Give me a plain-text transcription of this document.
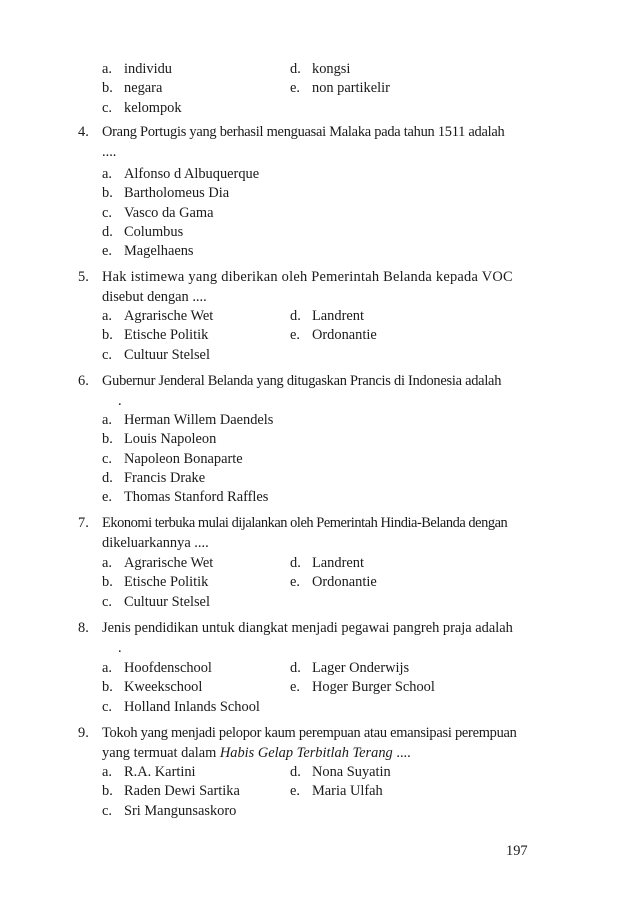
a. individu	d. kongsi
b. negara	e. non partikelir
c. kelompok
4. Orang Portugis yang berhasil menguasai Malaka pada tahun 1511 adalah
....
a. Alfonso d Albuquerque
b. Bartholomeus Dia
c. Vasco da Gama
d. Columbus
e. Magelhaens
5. Hak istimewa yang diberikan oleh Pemerintah Belanda kepada VOC
disebut dengan ....
a. Agrarische Wet	d. Landrent
b. Etische Politik	e. Ordonantie
c. Cultuur Stelsel
6. Gubernur Jenderal Belanda yang ditugaskan Prancis di Indonesia adalah
.
a. Herman Willem Daendels
b. Louis Napoleon
c. Napoleon Bonaparte
d. Francis Drake
e. Thomas Stanford Raffles
7. Ekonomi terbuka mulai dijalankan oleh Pemerintah Hindia-Belanda dengan
dikeluarkannya ....
a. Agrarische Wet	d. Landrent
b. Etische Politik	e. Ordonantie
c. Cultuur Stelsel
8. Jenis pendidikan untuk diangkat menjadi pegawai pangreh praja adalah
.
a. Hoofdenschool	d. Lager Onderwijs
b. Kweekschool	e. Hoger Burger School
c. Holland Inlands School
9. Tokoh yang menjadi pelopor kaum perempuan atau emansipasi perempuan
yang termuat dalam Habis Gelap Terbitlah Terang ....
a. R.A. Kartini	d. Nona Suyatin
b. Raden Dewi Sartika	e. Maria Ulfah
c. Sri Mangunsaskoro
197
